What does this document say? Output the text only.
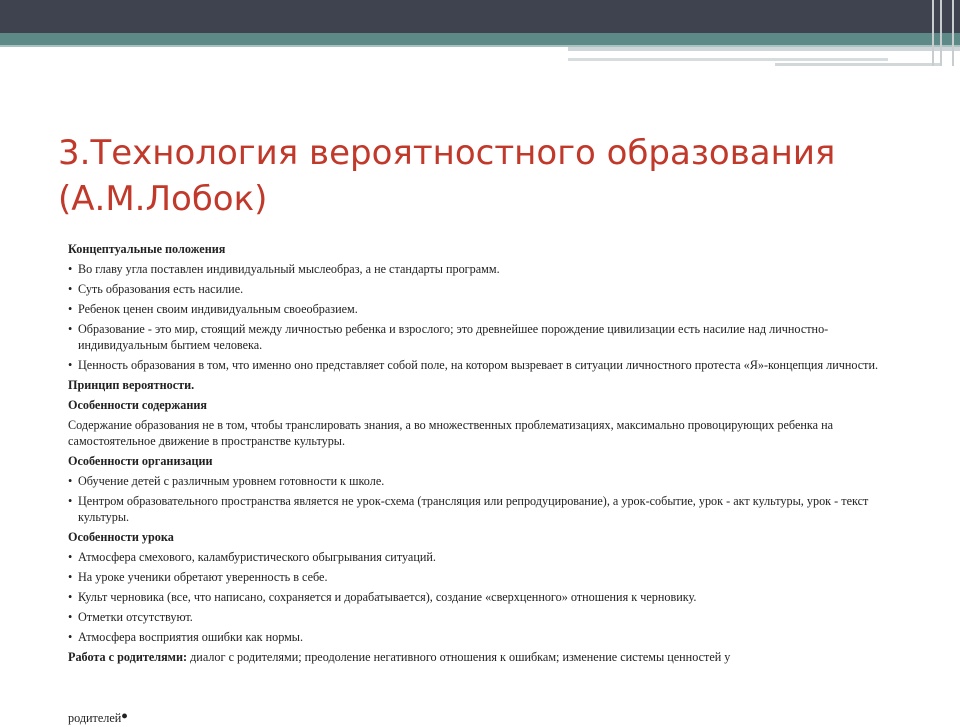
3.Технология вероятностного образования
(А.М.Лобок)
Концептуальные положения
• Во главу угла поставлен индивидуальный мыслеобраз, а не стандарты программ.
• Суть образования есть насилие.
• Ребенок ценен своим индивидуальным своеобразием.
• Образование - это мир, стоящий между личностью ребенка и взрослого; это древнейшее порождение цивилизации есть насилие над личностно-индивидуальным бытием человека.
• Ценность образования в том, что именно оно представляет собой поле, на котором вызревает в ситуации личностного протеста «Я»-концепция личности.
Принцип вероятности.
Особенности содержания
Содержание образования не в том, чтобы транслировать знания, а во множественных проблематизациях, максимально провоцирующих ребенка на самостоятельное движение в пространстве культуры.
Особенности организации
• Обучение детей с различным уровнем готовности к школе.
• Центром образовательного пространства является не урок-схема (трансляция или репродуцирование), а урок-событие, урок - акт культуры, урок - текст культуры.
Особенности урока
• Атмосфера смехового, каламбуристического обыгрывания ситуаций.
• На уроке ученики обретают уверенность в себе.
• Культ черновика (все, что написано, сохраняется и дорабатывается), создание «сверхценного» отношения к черновику.
• Отметки отсутствуют.
• Атмосфера восприятия ошибки как нормы.
Работа с родителями: диалог с родителями; преодоление негативного отношения к ошибкам; изменение системы ценностей у
родителей•
